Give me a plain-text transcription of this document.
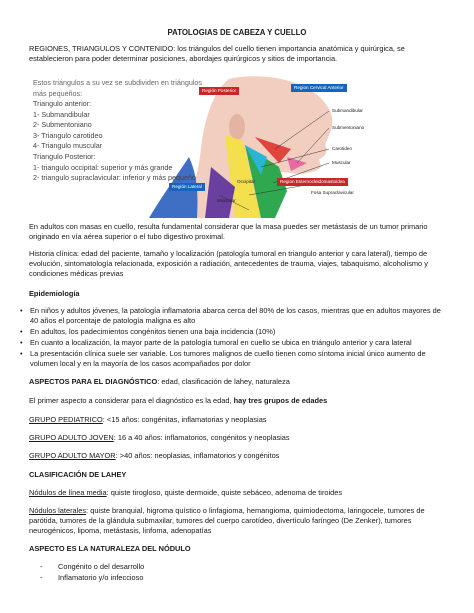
PATOLOGIAS DE CABEZA Y CUELLO
REGIONES, TRIANGULOS Y CONTENIDO: los triángulos del cuello tienen importancia anatómica y quirúrgica, se establecieron para poder determinar posiciones, abordajes quirúrgicos y sitios de importancia.
Región Posterior
Region Cervical Anterior
Submandibular
Submentoniano
Carotideo
Muscular
Región Lateral
Region Esternocleidomastoidea
Occipital
Fosa Supraclavicular
Muscular
Estos triángulos a su vez se subdividen en triángulos más pequeños:
Triangulo anterior:
1- Submandibular
2- Submentoniano
3- Triangulo carotideo
4- Triangulo muscular
Triangulo Posterior:
1- triangulo occipital: superior y más grande
2- triangulo supraclavicular: inferior y más pequeño
En adultos con masas en cuello, resulta fundamental considerar que la masa puedes ser metástasis de un tumor primario originado en vía aérea superior o el tubo digestivo proximal.
Historia clínica: edad del paciente, tamaño y localización (patología tumoral en triangulo anterior y cara lateral), tiempo de evolución, sintomatología relacionada, exposición a radiación, antecedentes de trauma, viajes, tabaquismo, alcoholismo y condiciones médicas previas
Epidemiología
•	En niños y adultos jóvenes, la patología inflamatoria abarca cerca del 80% de los casos, mientras que en adultos mayores de 40 años el porcentaje de patología maligna es alto
•	En adultos, los padecimientos congénitos tienen una baja incidencia (10%)
•	En cuanto a localización, la mayor parte de la patología tumoral en cuello se ubica en triángulo anterior y cara lateral
•	La presentación clínica suele ser variable. Los tumores malignos de cuello tienen como síntoma inicial único aumento de volumen local y en la mayoría de los casos acompañados por dolor
ASPECTOS PARA EL DIAGNÓSTICO: edad, clasificación de lahey, naturaleza
El primer aspecto a considerar para el diagnóstico es la edad, hay tres grupos de edades
GRUPO PEDIATRICO: <15 años: congénitas, inflamatorias y neoplasias
GRUPO ADULTO JOVEN: 16 a 40 años: inflamatorios, congénitos y neoplasias
GRUPO ADULTO MAYOR: >40 años: neoplasias, inflamatorios y congénitos
CLASIFICACIÓN DE LAHEY
Nódulos de línea media: quiste tirogloso, quiste dermoide, quiste sebáceo, adenoma de tiroides
Nódulos laterales: quiste branquial, higroma quístico o linfagioma, hemangioma, quimiodectoma, laringocele, tumores de parótida, tumores de la glándula submaxilar, tumores del cuerpo carotídeo, divertículo faríngeo (De Zenker), tumores neurogénicos, lipoma, metástasis, linfoma, adenopatías
ASPECTO ES LA NATURALEZA DEL NÓDULO
-	Congénito o del desarrollo
-	Inflamatorio y/o infeccioso
